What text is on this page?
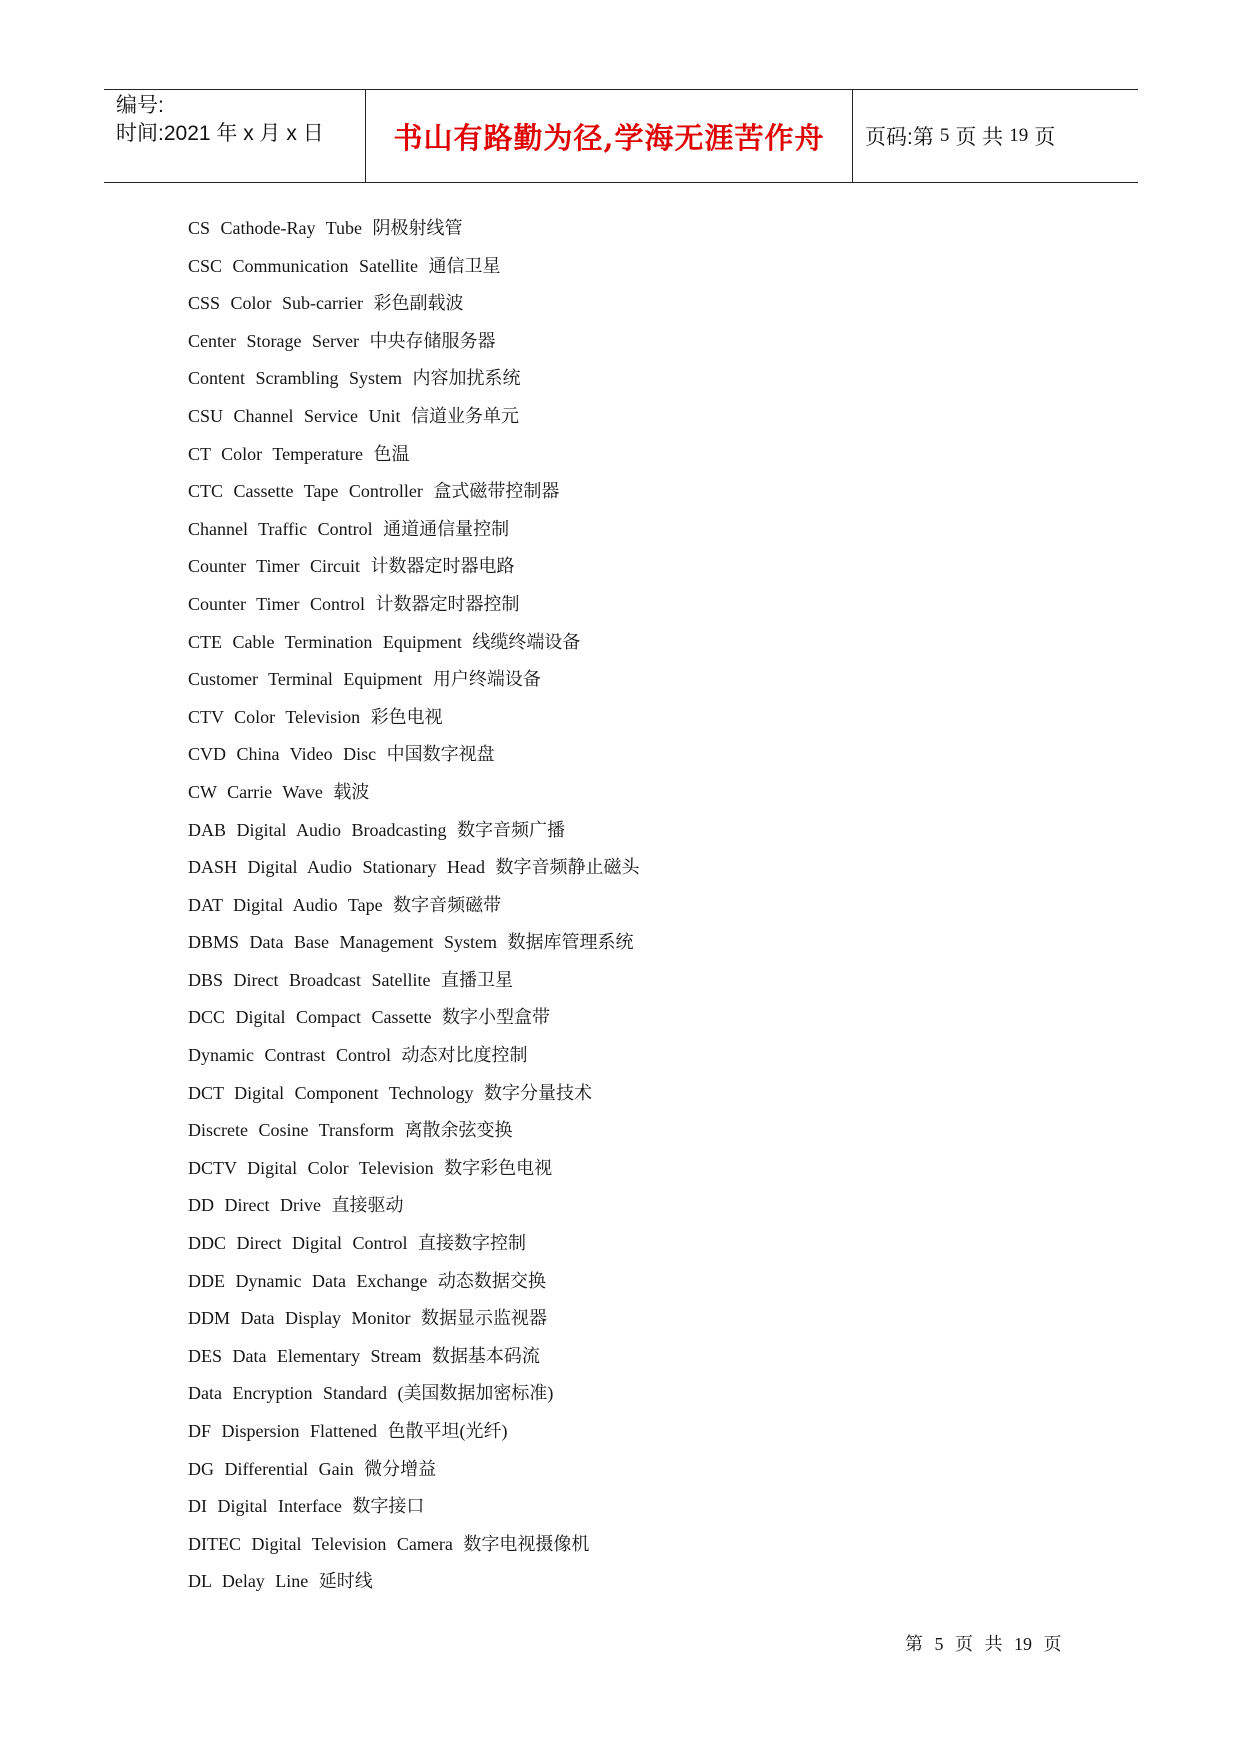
编号:
时间:2021 年 x 月 x 日	书山有路勤为径,学海无涯苦作舟 页码:第 5 页 共 19 页
CS Cathode-Ray Tube 阴极射线管
CSC Communication Satellite 通信卫星
CSS Color Sub-carrier 彩色副载波
Center Storage Server 中央存储服务器
Content Scrambling System 内容加扰系统
CSU Channel Service Unit 信道业务单元
CT Color Temperature 色温
CTC Cassette Tape Controller 盒式磁带控制器
Channel Traffic Control 通道通信量控制
Counter Timer Circuit 计数器定时器电路
Counter Timer Control 计数器定时器控制
CTE Cable Termination Equipment 线缆终端设备
Customer Terminal Equipment 用户终端设备
CTV Color Television 彩色电视
CVD China Video Disc 中国数字视盘
CW Carrie Wave 载波
DAB Digital Audio Broadcasting 数字音频广播
DASH Digital Audio Stationary Head 数字音频静止磁头
DAT Digital Audio Tape 数字音频磁带
DBMS Data Base Management System 数据库管理系统
DBS Direct Broadcast Satellite 直播卫星
DCC Digital Compact Cassette 数字小型盒带
Dynamic Contrast Control 动态对比度控制
DCT Digital Component Technology 数字分量技术
Discrete Cosine Transform 离散余弦变换
DCTV Digital Color Television 数字彩色电视
DD Direct Drive 直接驱动
DDC Direct Digital Control 直接数字控制
DDE Dynamic Data Exchange 动态数据交换
DDM Data Display Monitor 数据显示监视器
DES Data Elementary Stream 数据基本码流
Data Encryption Standard (美国数据加密标准)
DF Dispersion Flattened 色散平坦(光纤)
DG Differential Gain 微分增益
DI Digital Interface 数字接口
DITEC Digital Television Camera 数字电视摄像机
DL Delay Line 延时线
第 5 页 共 19 页
